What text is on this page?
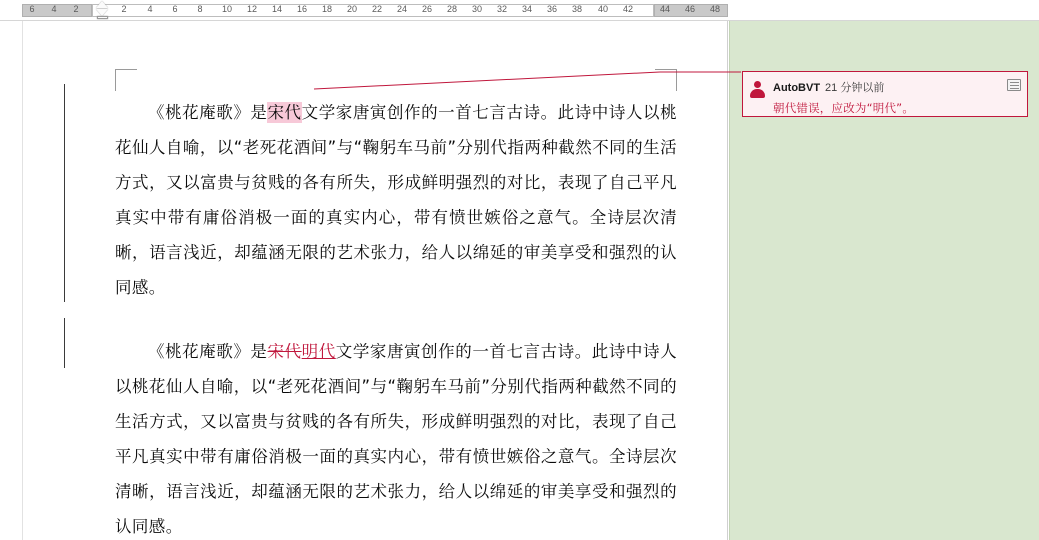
6 4 2	2 4 6 8 10 12 14 16 18 20 22 24 26 28 30 32 34 36 38 40 42	44 46 48

《桃花庵歌》是宋代文学家唐寅创作的一首七言古诗。此诗中诗人以桃花仙人自喻，以“老死花酒间”与“鞠躬车马前”分别代指两种截然不同的生活方式，又以富贵与贫贱的各有所失，形成鲜明强烈的对比，表现了自己平凡真实中带有庸俗消极一面的真实内心，带有愤世嫉俗之意气。全诗层次清晰，语言浅近，却蕴涵无限的艺术张力，给人以绵延的审美享受和强烈的认同感。

《桃花庵歌》是宋代明代文学家唐寅创作的一首七言古诗。此诗中诗人以桃花仙人自喻，以“老死花酒间”与“鞠躬车马前”分别代指两种截然不同的生活方式，又以富贵与贫贱的各有所失，形成鲜明强烈的对比，表现了自己平凡真实中带有庸俗消极一面的真实内心，带有愤世嫉俗之意气。全诗层次清晰，语言浅近，却蕴涵无限的艺术张力，给人以绵延的审美享受和强烈的认同感。

AutoBVT 21 分钟以前
朝代错误，应改为“明代”。
